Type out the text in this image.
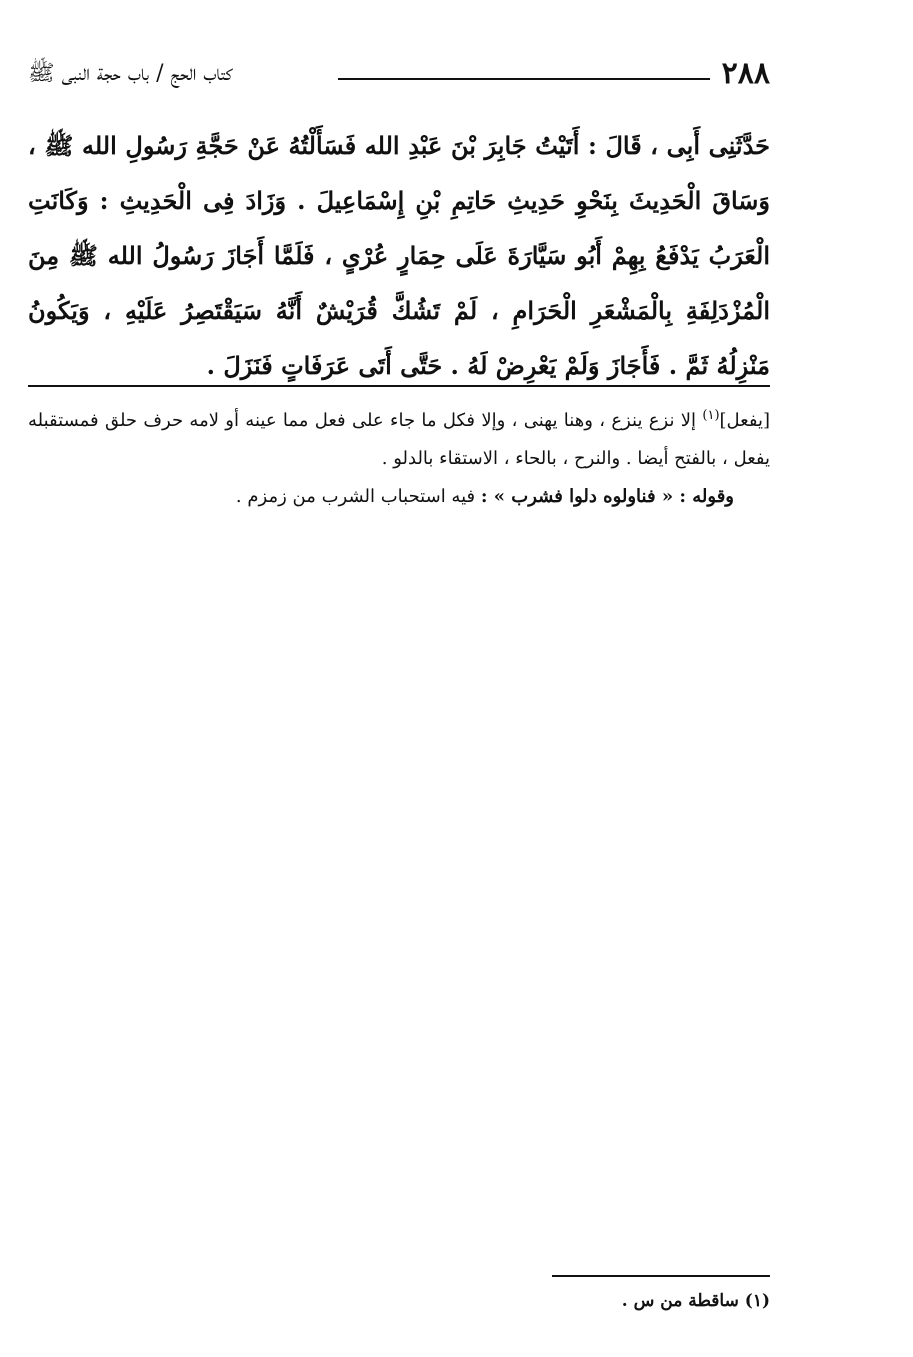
٢٨٨
كتاب الحج / باب حجة النبى ﷺ

حَدَّثَنِى أَبِى ، قَالَ : أَتَيْتُ جَابِرَ بْنَ عَبْدِ الله فَسَأَلْتُهُ عَنْ حَجَّةِ رَسُولِ الله ﷺ ، وَسَاقَ الْحَدِيثَ بِنَحْوِ حَدِيثِ حَاتِمِ بْنِ إِسْمَاعِيلَ . وَزَادَ فِى الْحَدِيثِ : وَكَانَتِ الْعَرَبُ يَدْفَعُ بِهِمْ أَبُو سَيَّارَةَ عَلَى حِمَارٍ عُرْىٍ ، فَلَمَّا أَجَازَ رَسُولُ الله ﷺ مِنَ الْمُزْدَلِفَةِ بِالْمَشْعَرِ الْحَرَامِ ، لَمْ تَشُكَّ قُرَيْشٌ أَنَّهُ سَيَقْتَصِرُ عَلَيْهِ ، وَيَكُونُ مَنْزِلُهُ ثَمَّ . فَأَجَازَ وَلَمْ يَعْرِضْ لَهُ . حَتَّى أَتَى عَرَفَاتٍ فَنَزَلَ .

[يفعل]$^{(١)}$ إلا نزع ينزع ، وهنا يهنى ، وإلا فكل ما جاء على فعل مما عينه أو لامه حرف حلق فمستقبله يفعل ، بالفتح أيضا . والنرح ، بالحاء ، الاستقاء بالدلو .

وقوله : « فناولوه دلوا فشرب » : فيه استحباب الشرب من زمزم .

(١) ساقطة من س .
